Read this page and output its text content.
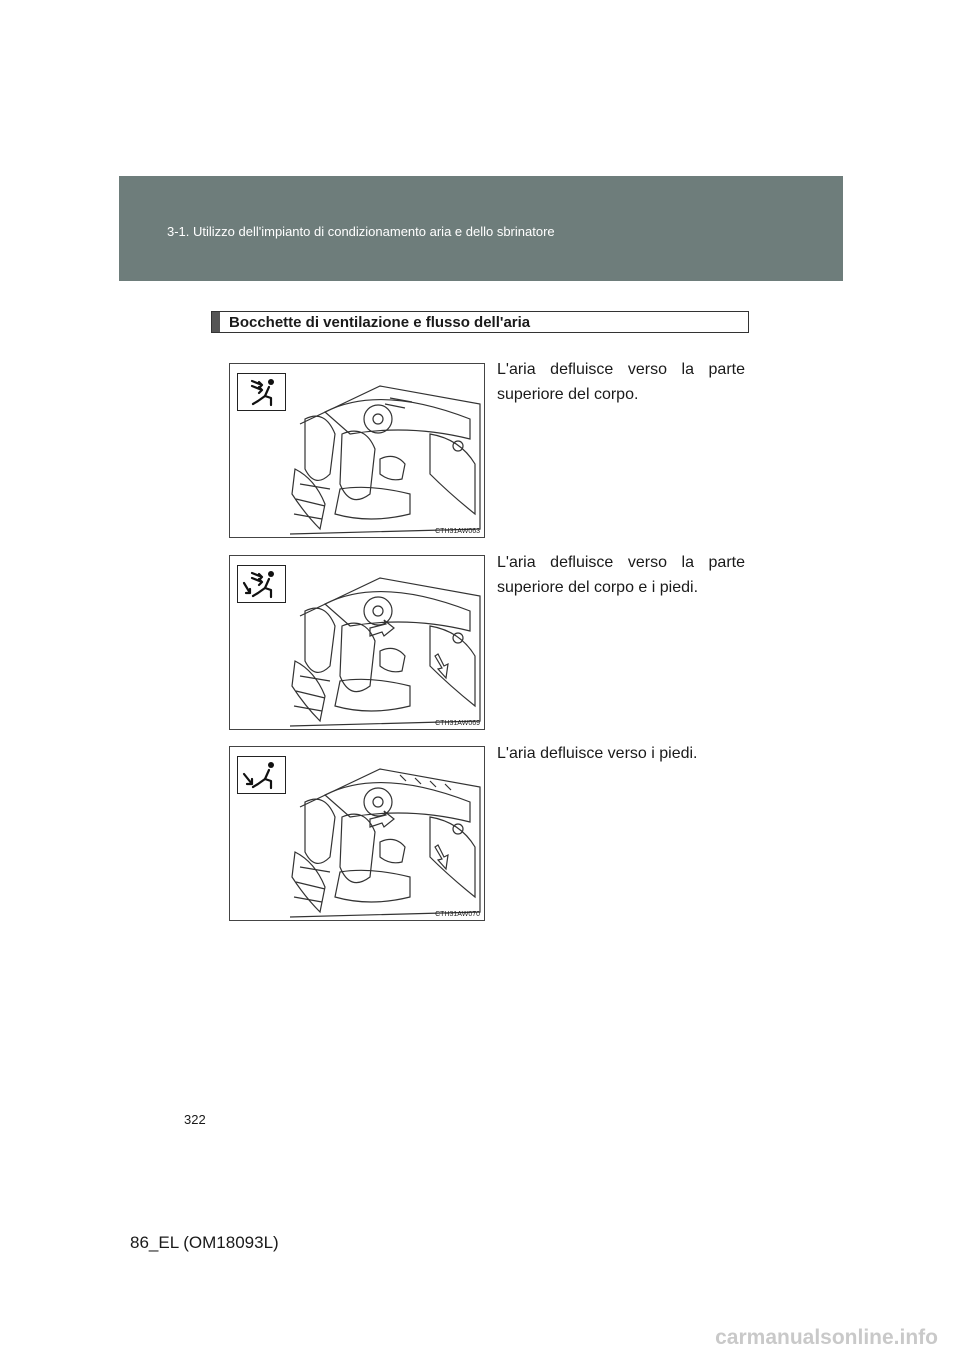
3-1. Utilizzo dell'impianto di condizionamento aria e dello sbrinatore
Bocchette di ventilazione e flusso dell'aria
CTH31AW063
L'aria defluisce verso la parte superiore del corpo.
CTH31AW069
L'aria defluisce verso la parte superiore del corpo e i piedi.
CTH31AW070
L'aria defluisce verso i piedi.
322
86_EL (OM18093L)
carmanualsonline.info
